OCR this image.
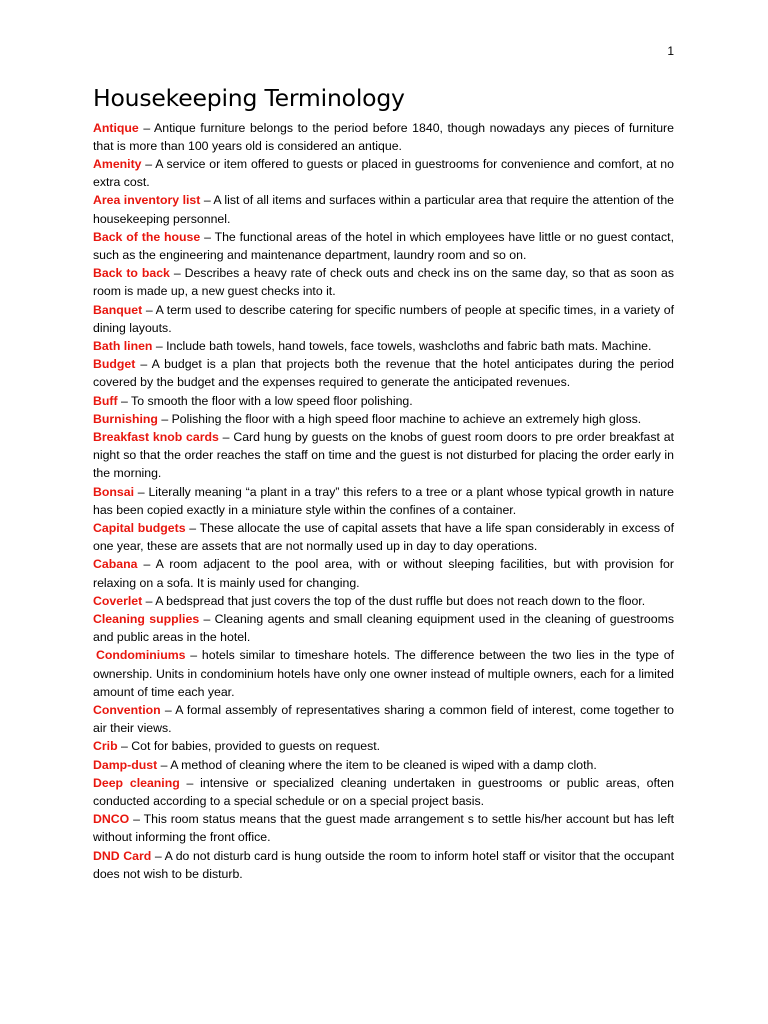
1
Housekeeping Terminology

Antique – Antique furniture belongs to the period before 1840, though nowadays any pieces of furniture that is more than 100 years old is considered an antique.

Amenity – A service or item offered to guests or placed in guestrooms for convenience and comfort, at no extra cost.

Area inventory list – A list of all items and surfaces within a particular area that require the attention of the housekeeping personnel.

Back of the house – The functional areas of the hotel in which employees have little or no guest contact, such as the engineering and maintenance department, laundry room and so on.

Back to back – Describes a heavy rate of check outs and check ins on the same day, so that as soon as room is made up, a new guest checks into it.

Banquet – A term used to describe catering for specific numbers of people at specific times, in a variety of dining layouts.

Bath linen – Include bath towels, hand towels, face towels, washcloths and fabric bath mats. Machine.

Budget – A budget is a plan that projects both the revenue that the hotel anticipates during the period covered by the budget and the expenses required to generate the anticipated revenues.

Buff – To smooth the floor with a low speed floor polishing.

Burnishing – Polishing the floor with a high speed floor machine to achieve an extremely high gloss.

Breakfast knob cards – Card hung by guests on the knobs of guest room doors to pre order breakfast at night so that the order reaches the staff on time and the guest is not disturbed for placing the order early in the morning.

Bonsai – Literally meaning “a plant in a tray” this refers to a tree or a plant whose typical growth in nature has been copied exactly in a miniature style within the confines of a container.

Capital budgets – These allocate the use of capital assets that have a life span considerably in excess of one year, these are assets that are not normally used up in day to day operations.

Cabana – A room adjacent to the pool area, with or without sleeping facilities, but with provision for relaxing on a sofa. It is mainly used for changing.

Coverlet – A bedspread that just covers the top of the dust ruffle but does not reach down to the floor.

Cleaning supplies – Cleaning agents and small cleaning equipment used in the cleaning of guestrooms and public areas in the hotel.

Condominiums – hotels similar to timeshare hotels. The difference between the two lies in the type of ownership. Units in condominium hotels have only one owner instead of multiple owners, each for a limited amount of time each year.

Convention – A formal assembly of representatives sharing a common field of interest, come together to air their views.

Crib – Cot for babies, provided to guests on request.

Damp-dust – A method of cleaning where the item to be cleaned is wiped with a damp cloth.

Deep cleaning – intensive or specialized cleaning undertaken in guestrooms or public areas, often conducted according to a special schedule or on a special project basis.

DNCO – This room status means that the guest made arrangement s to settle his/her account but has left without informing the front office.

DND Card – A do not disturb card is hung outside the room to inform hotel staff or visitor that the occupant does not wish to be disturb.
